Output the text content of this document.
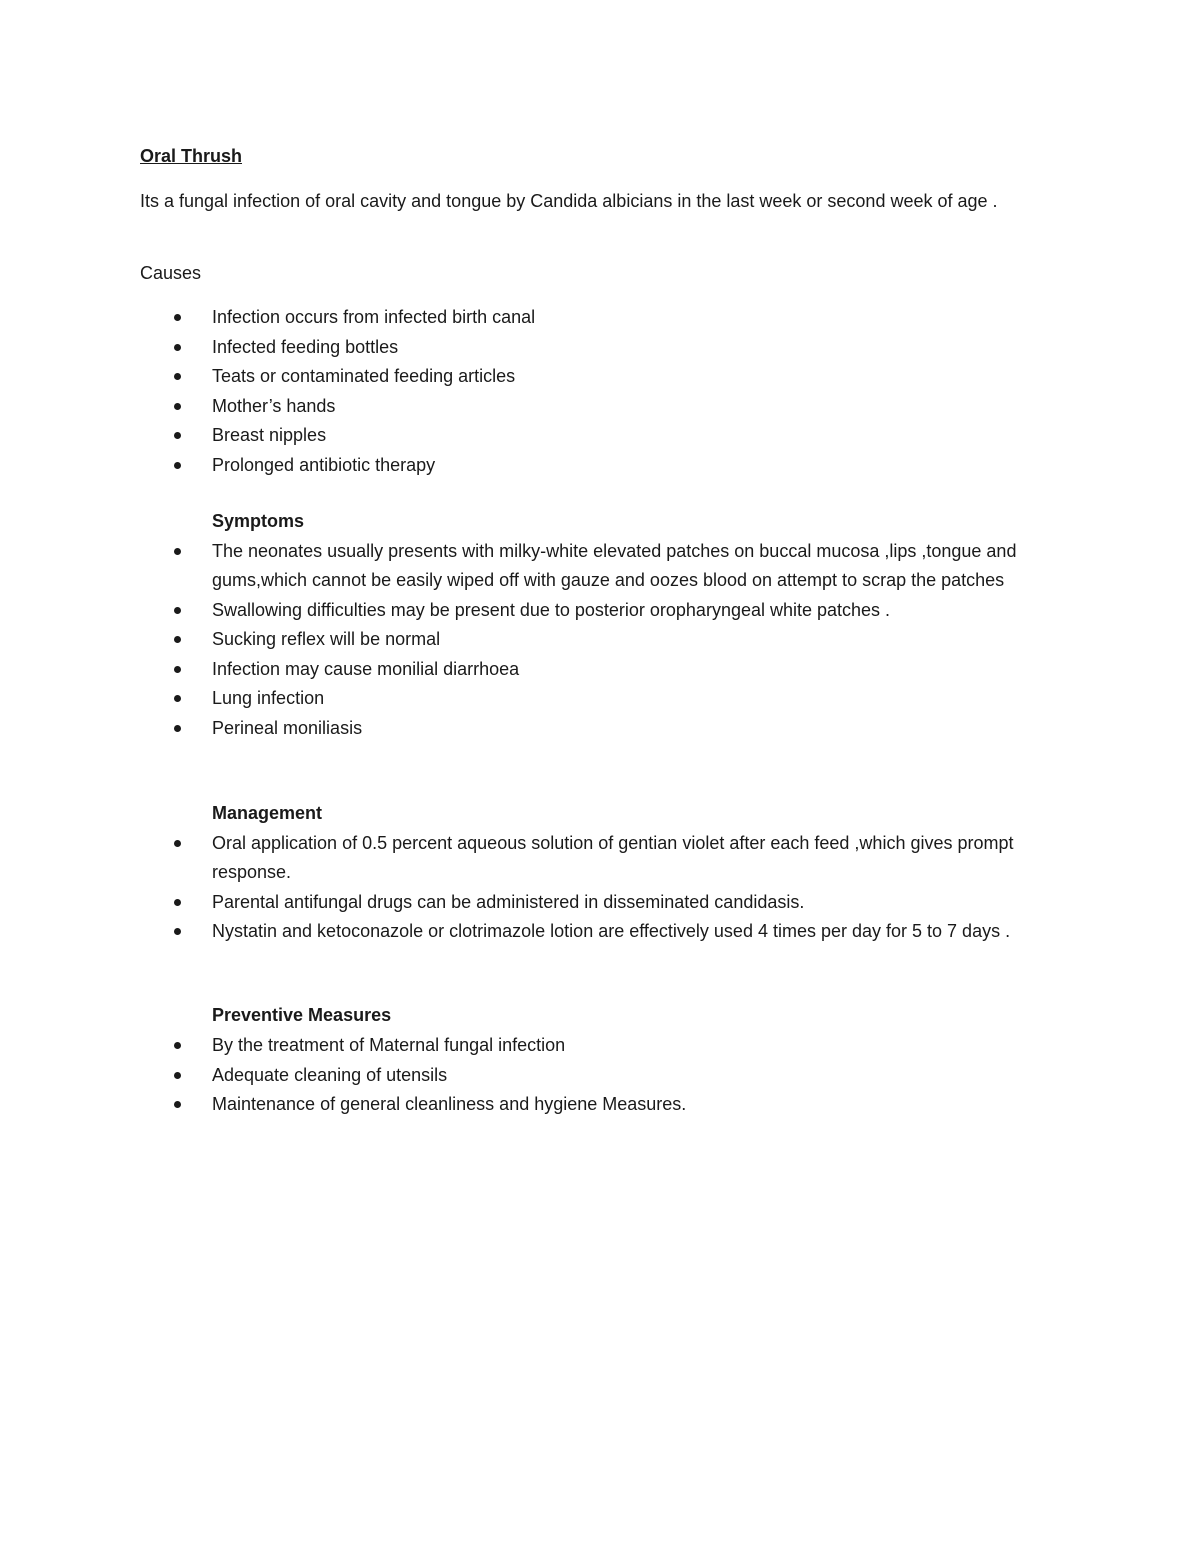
Oral Thrush

Its a fungal infection of oral cavity and tongue by Candida albicians in the last week or second week of age .

Causes

Infection occurs from infected birth canal
Infected feeding bottles
Teats or contaminated feeding articles
Mother’s hands
Breast nipples
Prolonged antibiotic therapy

Symptoms

The neonates usually presents with milky-white elevated patches on buccal mucosa ,lips ,tongue and gums,which cannot be easily wiped off with gauze and oozes blood on attempt to scrap the patches
Swallowing difficulties may be present due to posterior oropharyngeal white patches .
Sucking reflex will be normal
Infection may cause monilial diarrhoea
Lung infection
Perineal moniliasis

Management

Oral application of 0.5 percent aqueous solution of gentian violet after each feed ,which gives prompt response.
Parental antifungal drugs can be administered in disseminated candidasis.
Nystatin and ketoconazole or clotrimazole lotion are effectively used 4 times per day for 5 to 7 days .

Preventive Measures

By the treatment of Maternal fungal infection
Adequate cleaning of utensils
Maintenance of general cleanliness and hygiene Measures.
